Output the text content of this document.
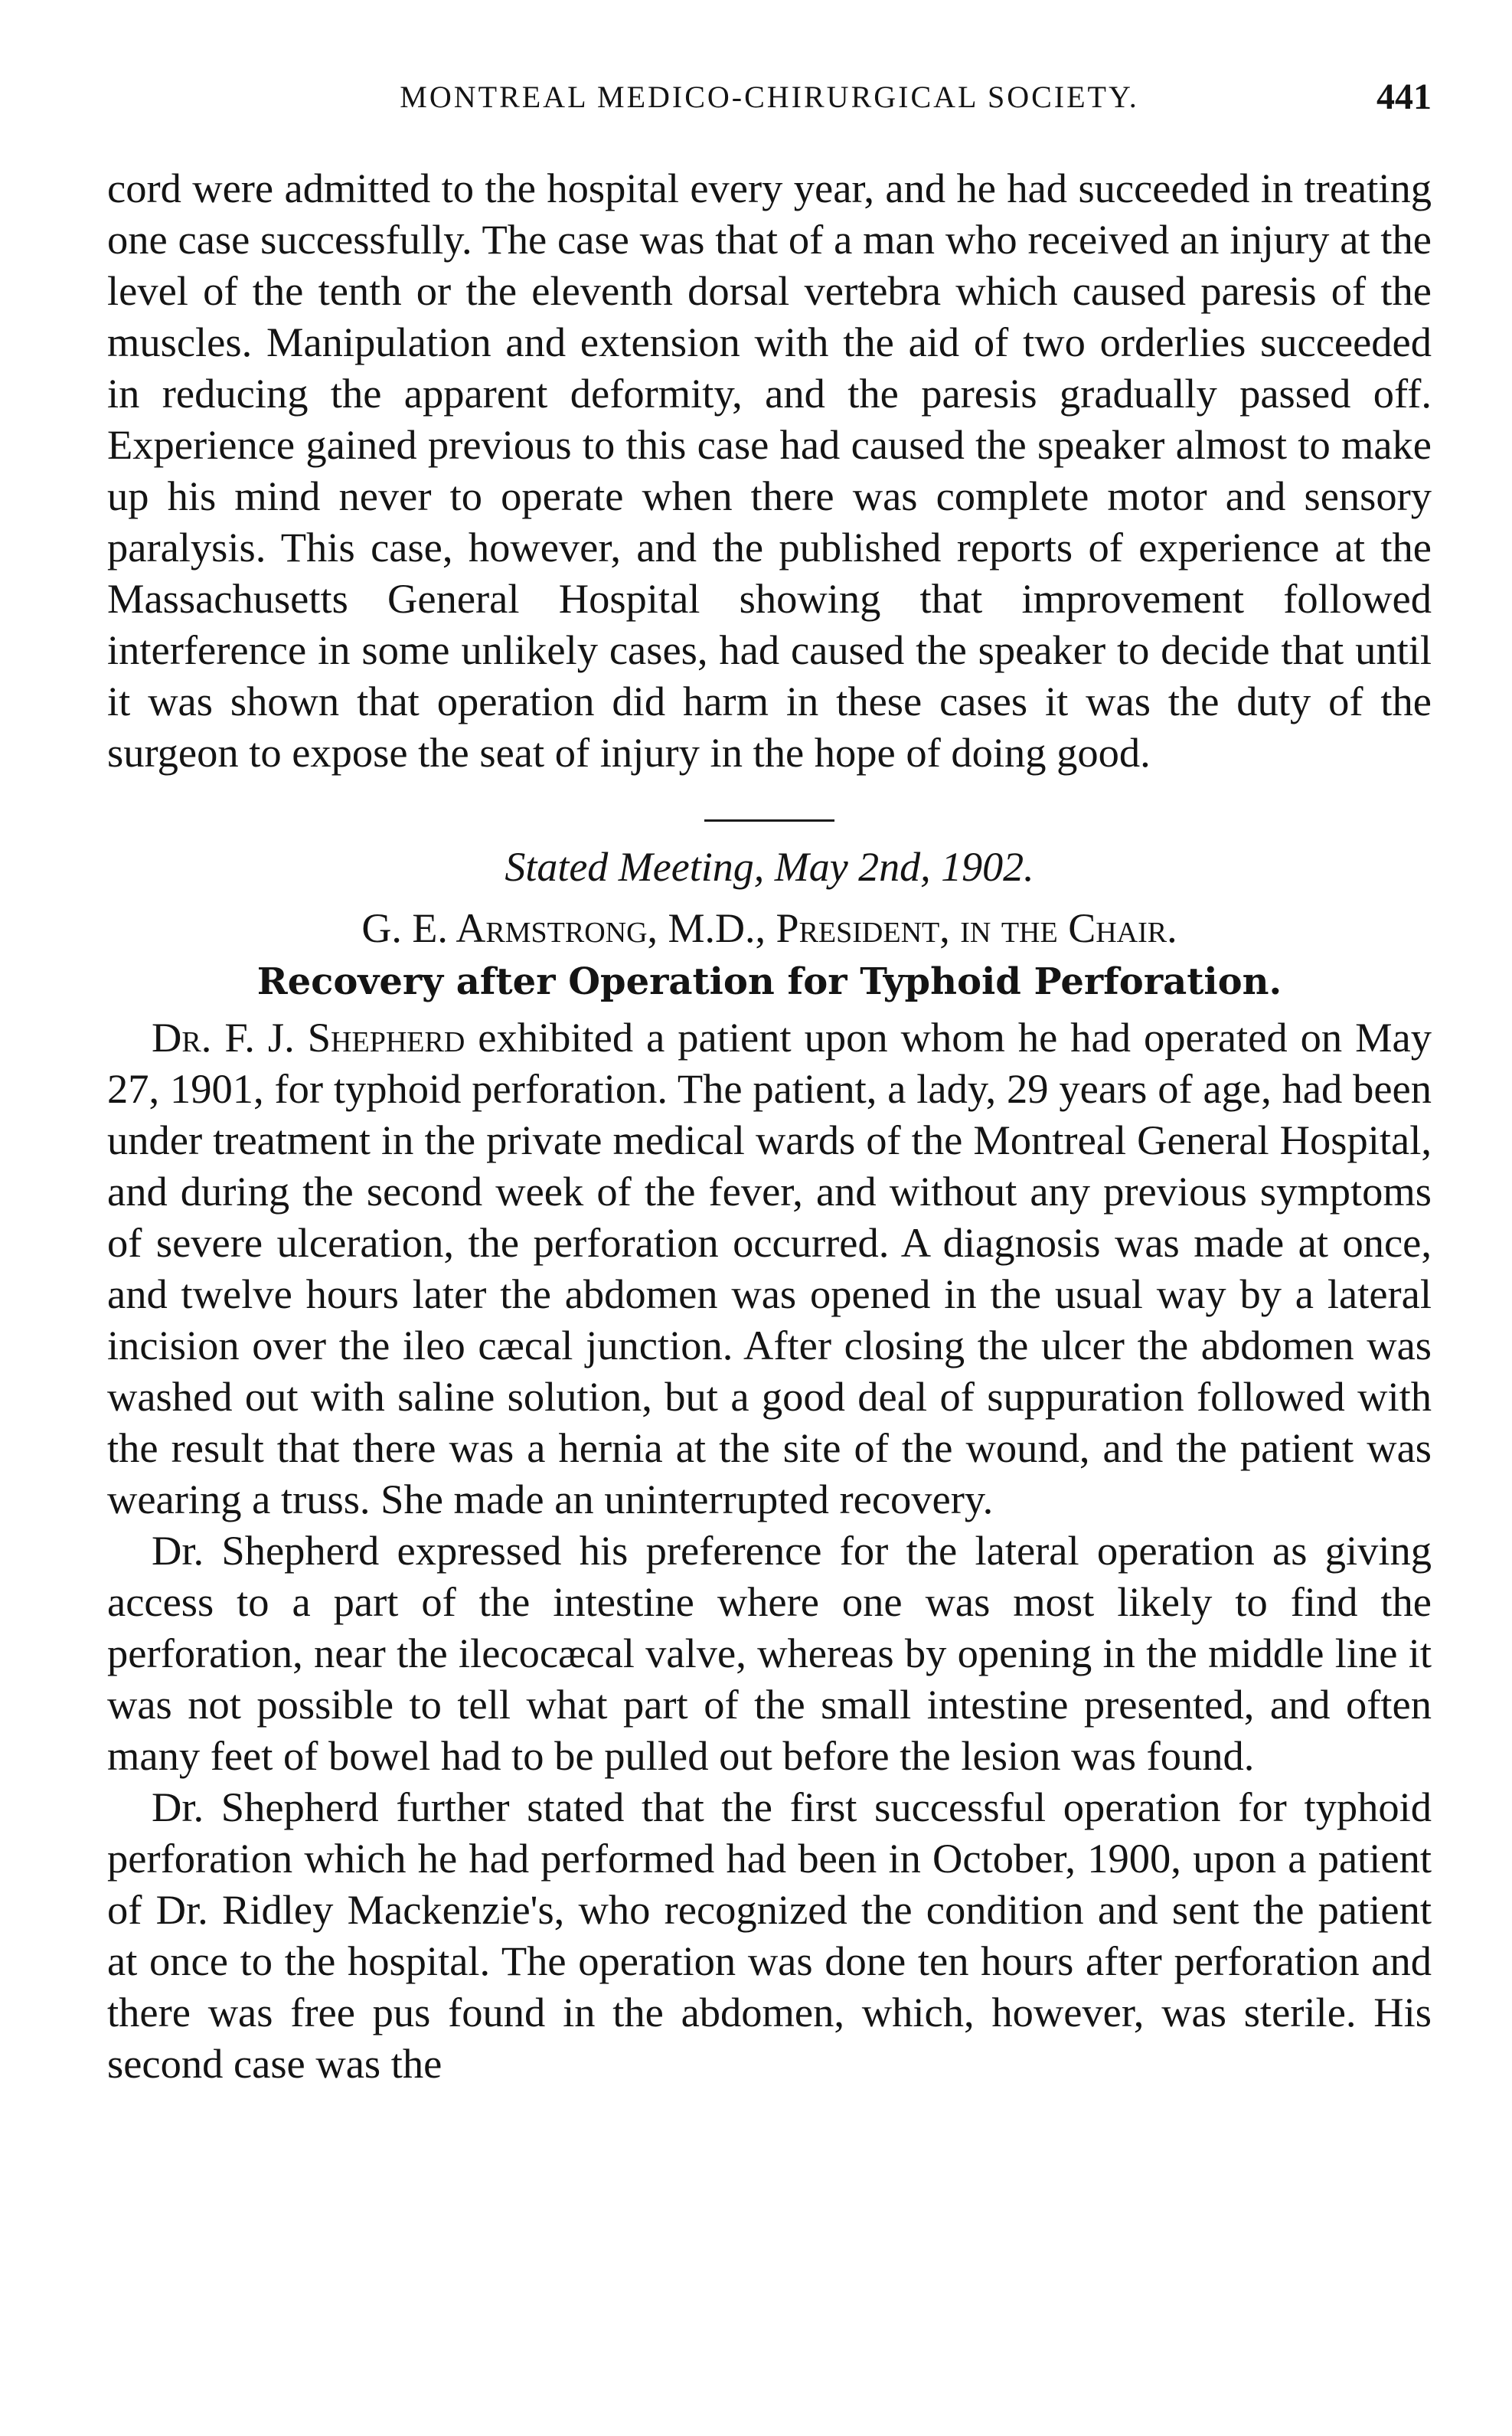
MONTREAL MEDICO-CHIRURGICAL SOCIETY.	441

cord were admitted to the hospital every year, and he had succeeded in treating one case successfully. The case was that of a man who received an injury at the level of the tenth or the eleventh dorsal vertebra which caused paresis of the muscles. Manipulation and extension with the aid of two orderlies succeeded in reducing the apparent deformity, and the paresis gradually passed off. Experience gained previous to this case had caused the speaker almost to make up his mind never to operate when there was complete motor and sensory paralysis. This case, however, and the published reports of experience at the Massachusetts General Hospital showing that improvement followed interference in some unlikely cases, had caused the speaker to decide that until it was shown that operation did harm in these cases it was the duty of the surgeon to expose the seat of injury in the hope of doing good.

Stated Meeting, May 2nd, 1902.
G. E. Armstrong, M.D., President, in the Chair.
Recovery after Operation for Typhoid Perforation.

Dr. F. J. Shepherd exhibited a patient upon whom he had operated on May 27, 1901, for typhoid perforation. The patient, a lady, 29 years of age, had been under treatment in the private medical wards of the Montreal General Hospital, and during the second week of the fever, and without any previous symptoms of severe ulceration, the perforation occurred. A diagnosis was made at once, and twelve hours later the abdomen was opened in the usual way by a lateral incision over the ileo cæcal junction. After closing the ulcer the abdomen was washed out with saline solution, but a good deal of suppuration followed with the result that there was a hernia at the site of the wound, and the patient was wearing a truss. She made an uninterrupted recovery.

Dr. Shepherd expressed his preference for the lateral operation as giving access to a part of the intestine where one was most likely to find the perforation, near the ilecocæcal valve, whereas by opening in the middle line it was not possible to tell what part of the small intestine presented, and often many feet of bowel had to be pulled out before the lesion was found.

Dr. Shepherd further stated that the first successful operation for typhoid perforation which he had performed had been in October, 1900, upon a patient of Dr. Ridley Mackenzie's, who recognized the condition and sent the patient at once to the hospital. The operation was done ten hours after perforation and there was free pus found in the abdomen, which, however, was sterile. His second case was the
